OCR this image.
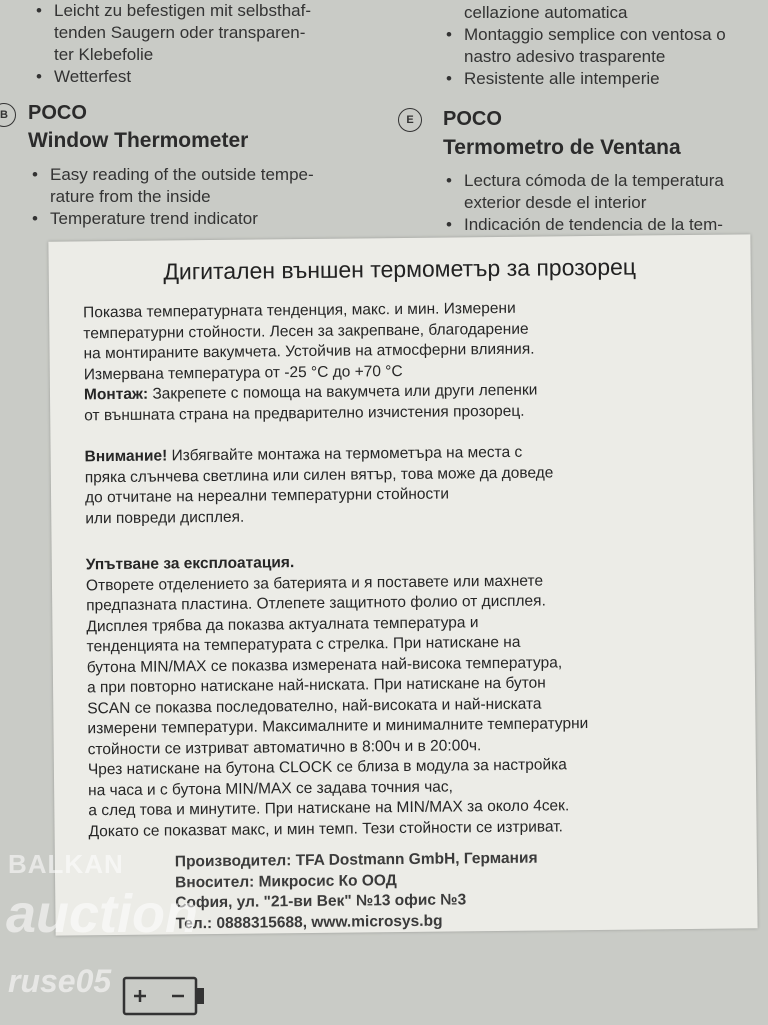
• Leicht zu befestigen mit selbsthaf-
tenden Saugern oder transparen-
ter Klebefolie
• Wetterfest
cellazione automatica
• Montaggio semplice con ventosa o
nastro adesivo trasparente
• Resistente alle intemperie
B	POCO
Window Thermometer
• Easy reading of the outside tempe-
rature from the inside
• Temperature trend indicator
E	POCO
Termometro de Ventana
• Lectura cómoda de la temperatura
exterior desde el interior
• Indicación de tendencia de la tem-
Дигитален външен термометър за прозорец

Показва температурната тенденция, макс. и мин. Измерени

температурни стойности. Лесен за закрепване, благодарение

на монтираните вакумчета. Устойчив на атмосферни влияния.

Измервана температура от -25 °C до +70 °C

Монтаж: Закрепете с помоща на вакумчета или други лепенки

от външната страна на предварително изчистения прозорец.

Внимание! Избягвайте монтажа на термометъра на места с

пряка слънчева светлина или силен вятър, това може да доведе

до отчитане на нереални температурни стойности

или повреди дисплея.

Упътване за експлоатация.

Отворете отделението за батерията и я поставете или махнете

предпазната пластина. Отлепете защитното фолио от дисплея.

Дисплея трябва да показва актуалната температура и

тенденцията на температурата с стрелка. При натискане на

бутона MIN/MAX се показва измерената най-висока температура,

а при повторно натискане най-ниската. При натискане на бутон

SCAN се показва последователно, най-високата и най-ниската

измерени температури. Максималните и минималните температурни

стойности се изтриват автоматично в 8:00ч и в 20:00ч.

Чрез натискане на бутона CLOCK се близа в модула за настройка

на часа и с бутона MIN/MAX се задава точния час,

а след това и минутите. При натискане на MIN/MAX за около 4сек.

Докато се показват макс, и мин темп. Тези стойности се изтриват.

Производител: TFA Dostmann GmbH, Германия

Вносител: Микросис Ко ООД

София, ул. "21-ви Век" №13 офис №3

Тел.: 0888315688, www.microsys.bg

BALKAN
auction
ruse05
